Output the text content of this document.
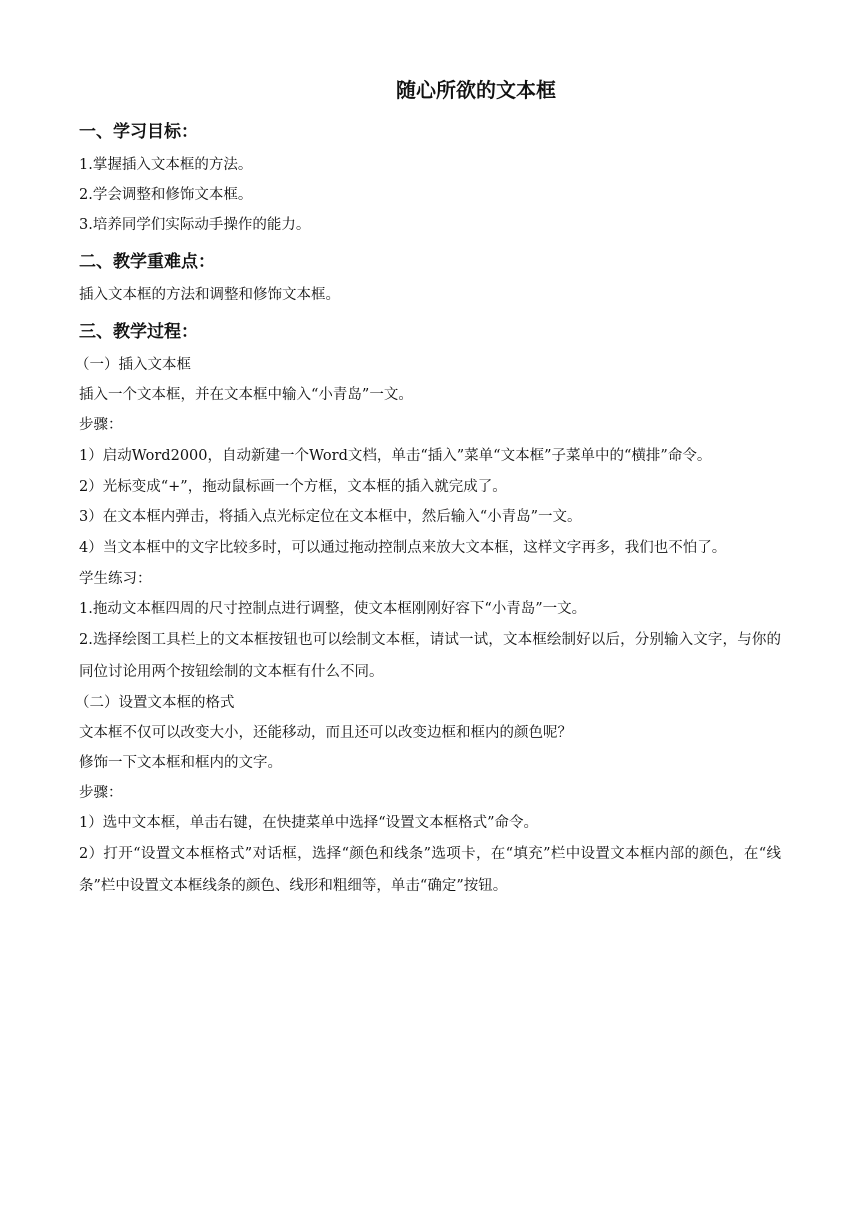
随心所欲的文本框
一、学习目标：

1.掌握插入文本框的方法。

2.学会调整和修饰文本框。

3.培养同学们实际动手操作的能力。

二、教学重难点：

插入文本框的方法和调整和修饰文本框。

三、教学过程：

（一）插入文本框

插入一个文本框，并在文本框中输入“小青岛”一文。

步骤：

1）启动Word2000，自动新建一个Word文档，单击“插入”菜单“文本框”子菜单中的“横排”命令。

2）光标变成“+”，拖动鼠标画一个方框，文本框的插入就完成了。

3）在文本框内弹击，将插入点光标定位在文本框中，然后输入“小青岛”一文。

4）当文本框中的文字比较多时，可以通过拖动控制点来放大文本框，这样文字再多，我们也不怕了。

学生练习：

1.拖动文本框四周的尺寸控制点进行调整，使文本框刚刚好容下“小青岛”一文。

2.选择绘图工具栏上的文本框按钮也可以绘制文本框，请试一试，文本框绘制好以后，分别输入文字，与你的同位讨论用两个按钮绘制的文本框有什么不同。

（二）设置文本框的格式

文本框不仅可以改变大小，还能移动，而且还可以改变边框和框内的颜色呢？

修饰一下文本框和框内的文字。

步骤：

1）选中文本框，单击右键，在快捷菜单中选择“设置文本框格式”命令。

2）打开“设置文本框格式”对话框，选择“颜色和线条”选项卡，在“填充”栏中设置文本框内部的颜色，在“线条”栏中设置文本框线条的颜色、线形和粗细等，单击“确定”按钮。
